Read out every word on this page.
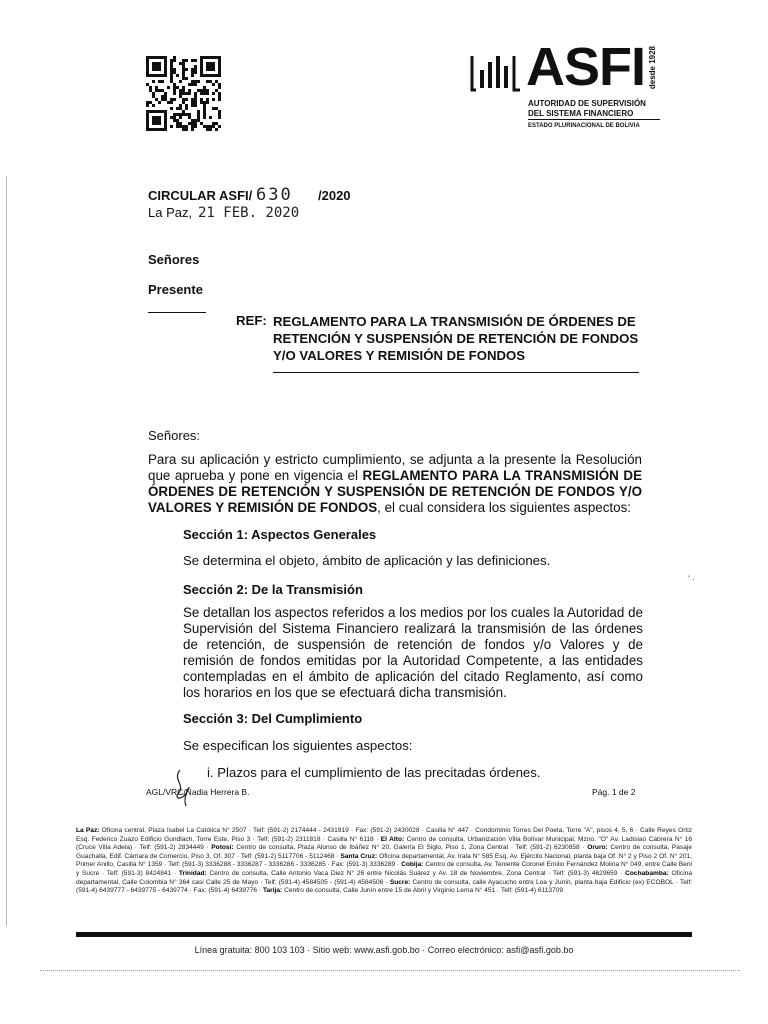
ASFI desde 1928
AUTORIDAD DE SUPERVISIÓN
DEL SISTEMA FINANCIERO
ESTADO PLURINACIONAL DE BOLIVIA
CIRCULAR ASFI/ 630 /2020
La Paz, 21 FEB. 2020
Señores
Presente
REF: REGLAMENTO PARA LA TRANSMISIÓN DE ÓRDENES DE RETENCIÓN Y SUSPENSIÓN DE RETENCIÓN DE FONDOS Y/O VALORES Y REMISIÓN DE FONDOS
Señores:
Para su aplicación y estricto cumplimiento, se adjunta a la presente la Resolución que aprueba y pone en vigencia el REGLAMENTO PARA LA TRANSMISIÓN DE ÓRDENES DE RETENCIÓN Y SUSPENSIÓN DE RETENCIÓN DE FONDOS Y/O VALORES Y REMISIÓN DE FONDOS, el cual considera los siguientes aspectos:
Sección 1: Aspectos Generales
Se determina el objeto, ámbito de aplicación y las definiciones.
’ ·
Sección 2: De la Transmisión
Se detallan los aspectos referidos a los medios por los cuales la Autoridad de Supervisión del Sistema Financiero realizará la transmisión de las órdenes de retención, de suspensión de retención de fondos y/o Valores y de remisión de fondos emitidas por la Autoridad Competente, a las entidades contempladas en el ámbito de aplicación del citado Reglamento, así como los horarios en los que se efectuará dicha transmisión.
Sección 3: Del Cumplimiento
Se especifican los siguientes aspectos:
i. Plazos para el cumplimiento de las precitadas órdenes.
AGL/VRC/Nadia Herrera B.	Pág. 1 de 2
La Paz: Oficina central, Plaza Isabel La Católica N° 2507 · Telf: (591-2) 2174444 - 2431919 · Fax: (591-2) 2430028 · Casilla N° 447 · Condominio Torres Del Poeta, Torre "A", pisos 4, 5, 6 · Calle Reyes Ortiz Esq. Federico Zuazo Edificio Gundlach, Torre Este, Piso 3 · Telf: (591-2) 2311818 · Casilla N° 6118 · El Alto: Centro de consulta, Urbanización Villa Bolívar Municipal, Mzno. "O" Av. Ladislao Cabrera N° 16 (Cruce Villa Adela) · Telf: (591-2) 2834449 · Potosí: Centro de consulta, Plaza Alonso de Ibáñez N° 20, Galería El Siglo, Piso 1, Zona Central · Telf: (591-2) 6230858 · Oruro: Centro de consulta, Pasaje Guachalla, Edif. Cámara de Comercio, Piso 3, Of. 307 · Telf: (591-2) 5117706 - 5112468 · Santa Cruz: Oficina departamental, Av. Irala N° 585 Esq. Av. Ejército Nacional, planta baja Of. N° 2 y Piso 2 Of. N° 201, Primer Anillo, Casilla N° 1359 · Telf: (591-3) 3336288 - 3336287 - 3336286 - 3336285 · Fax: (591-3) 3336289 · Cobija: Centro de consulta, Av. Teniente Coronel Emilio Fernández Molina N° 049, entre Calle Beni y Sucre · Telf: (591-3) 8424841 · Trinidad: Centro de consulta, Calle Antonio Vaca Diez N° 26 entre Nicolás Suárez y Av. 18 de Noviembre, Zona Central · Telf: (591-3) 4629659 · Cochabamba: Oficina departamental, Calle Colombia N° 364 casi Calle 25 de Mayo · Telf: (591-4) 4584505 - (591-4) 4584506 · Sucre: Centro de consulta, calle Ayacucho entre Loa y Junín, planta baja Edificio (ex) ECOBOL · Telf: (591-4) 6439777 - 6439775 - 6439774 · Fax: (591-4) 6439776 · Tarija: Centro de consulta, Calle Junín entre 15 de Abril y Virginio Lema N° 451 · Telf: (591-4) 6113709
Línea gratuita: 800 103 103 · Sitio web: www.asfi.gob.bo · Correo electrónico: asfi@asfi.gob.bo
